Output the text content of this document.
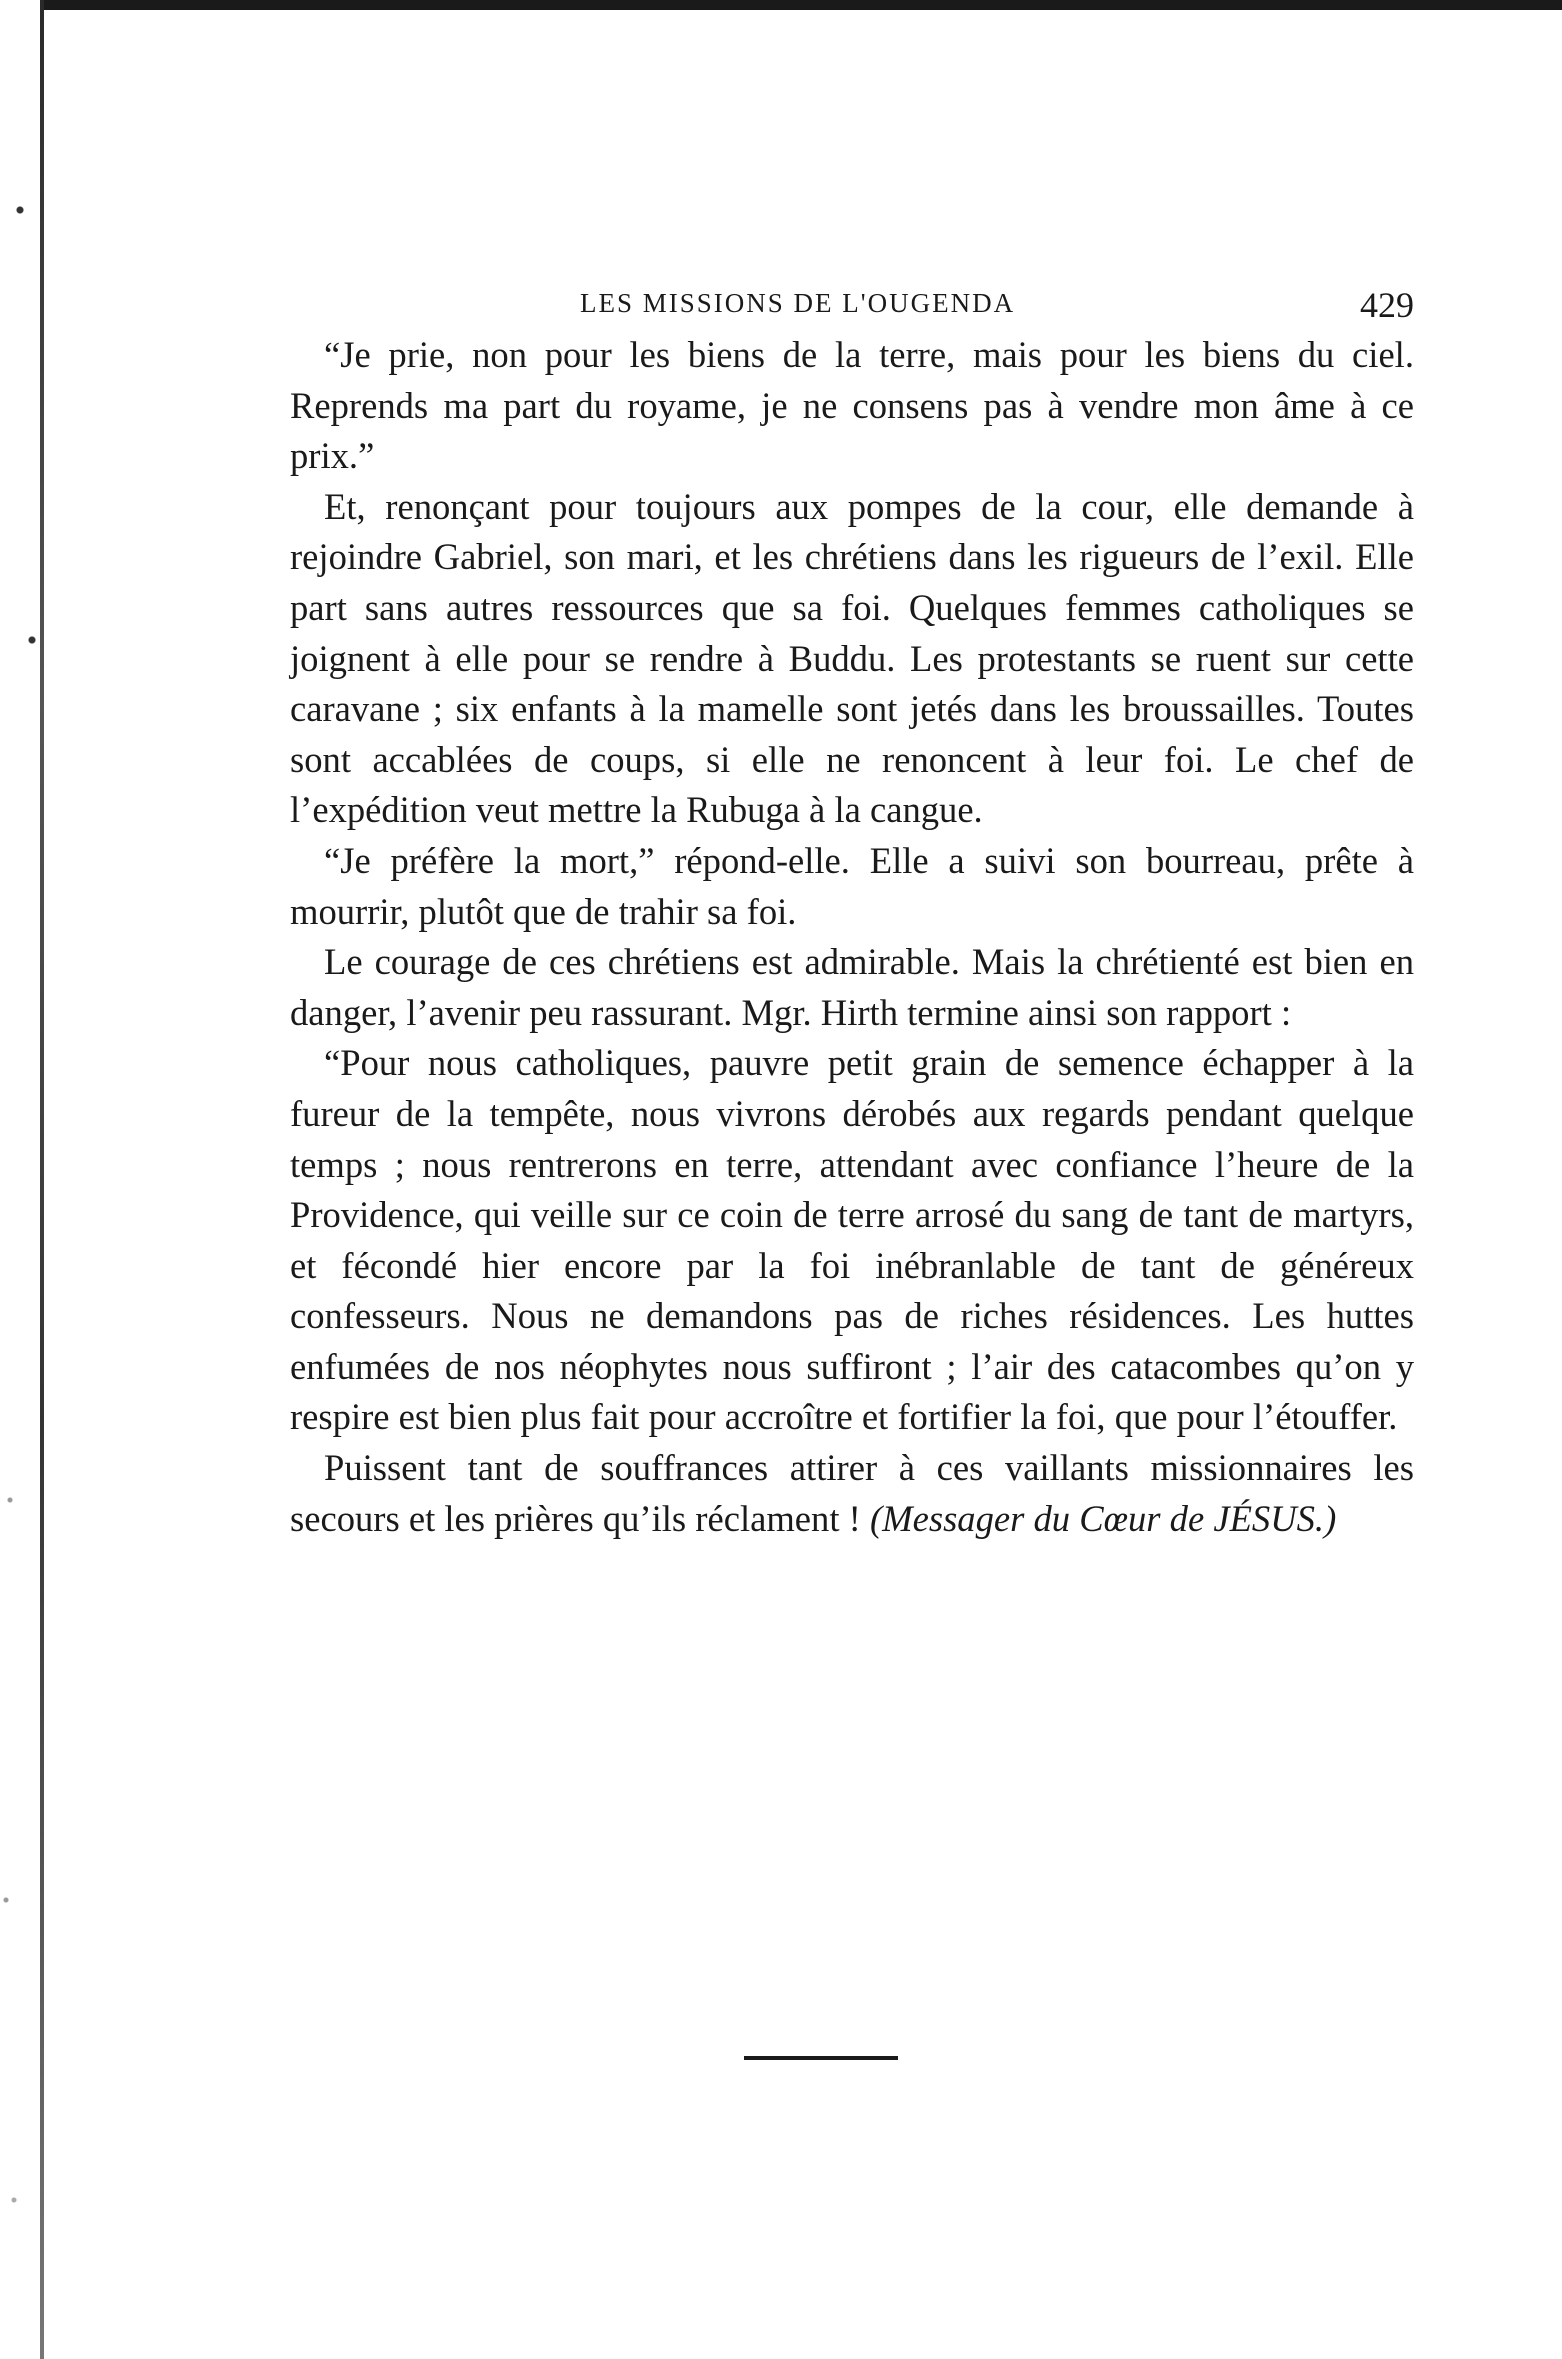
LES MISSIONS DE L'OUGENDA	429

“Je prie, non pour les biens de la terre, mais pour les biens du ciel. Reprends ma part du royame, je ne consens pas à vendre mon âme à ce prix.”

Et, renonçant pour toujours aux pompes de la cour, elle demande à rejoindre Gabriel, son mari, et les chrétiens dans les rigueurs de l’exil. Elle part sans autres ressources que sa foi. Quelques femmes catholiques se joignent à elle pour se rendre à Buddu. Les protestants se ruent sur cette caravane ; six enfants à la mamelle sont jetés dans les broussailles. Toutes sont accablées de coups, si elle ne renoncent à leur foi. Le chef de l’expédition veut mettre la Rubuga à la cangue.

“Je préfère la mort,” répond-elle. Elle a suivi son bourreau, prête à mourrir, plutôt que de trahir sa foi.

Le courage de ces chrétiens est admirable. Mais la chrétienté est bien en danger, l’avenir peu rassurant. Mgr. Hirth termine ainsi son rapport :

“Pour nous catholiques, pauvre petit grain de semence échapper à la fureur de la tempête, nous vivrons dérobés aux regards pendant quelque temps ; nous rentrerons en terre, attendant avec confiance l’heure de la Providence, qui veille sur ce coin de terre arrosé du sang de tant de martyrs, et fécondé hier encore par la foi inébranlable de tant de généreux confesseurs. Nous ne demandons pas de riches résidences. Les huttes enfumées de nos néophytes nous suffiront ; l’air des catacombes qu’on y respire est bien plus fait pour accroître et fortifier la foi, que pour l’étouffer.

Puissent tant de souffrances attirer à ces vaillants missionnaires les secours et les prières qu’ils réclament ! (Messager du Cœur de JÉSUS.)
